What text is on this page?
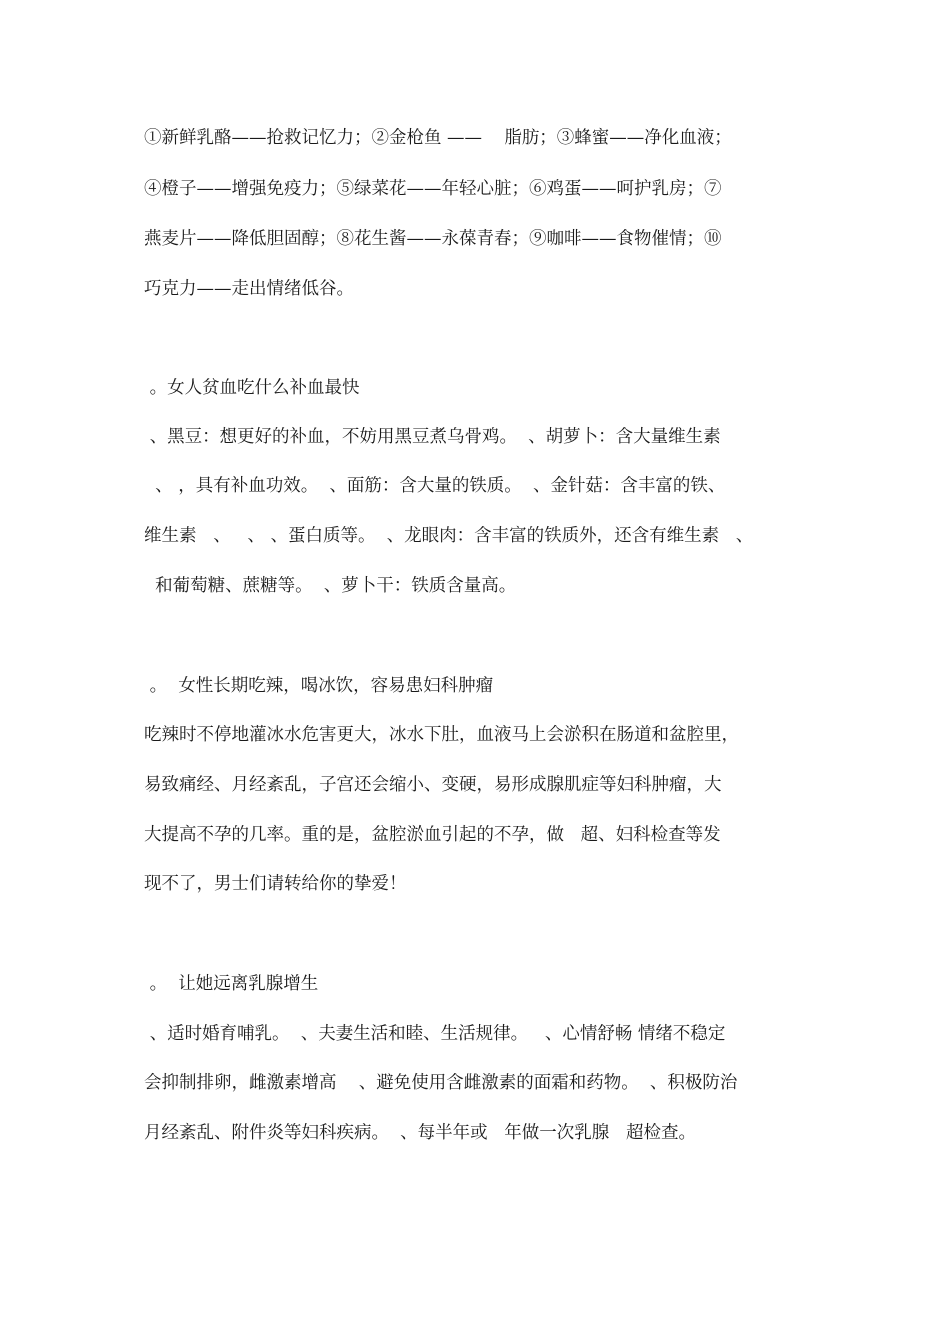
①新鲜乳酪——抢救记忆力；②金枪鱼 ——    脂肪；③蜂蜜——净化血液；
④橙子——增强免疫力；⑤绿菜花——年轻心脏；⑥鸡蛋——呵护乳房；⑦
燕麦片——降低胆固醇；⑧花生酱——永葆青春；⑨咖啡——食物催情；⑩
巧克力——走出情绪低谷。
。女人贫血吃什么补血最快
、黑豆：想更好的补血，不妨用黑豆煮乌骨鸡。  、胡萝卜：含大量维生素
、 ，具有补血功效。  、面筋：含大量的铁质。  、金针菇：含丰富的铁、
维生素   、   、 、蛋白质等。  、龙眼肉：含丰富的铁质外，还含有维生素   、
和葡萄糖、蔗糖等。  、萝卜干：铁质含量高。
。  女性长期吃辣，喝冰饮，容易患妇科肿瘤
吃辣时不停地灌冰水危害更大，冰水下肚，血液马上会淤积在肠道和盆腔里，
易致痛经、月经紊乱，子宫还会缩小、变硬，易形成腺肌症等妇科肿瘤，大
大提高不孕的几率。重的是，盆腔淤血引起的不孕，做   超、妇科检查等发
现不了，男士们请转给你的挚爱！
。  让她远离乳腺增生
、适时婚育哺乳。  、夫妻生活和睦、生活规律。   、心情舒畅 情绪不稳定
会抑制排卵，雌激素增高    、避免使用含雌激素的面霜和药物。  、积极防治
月经紊乱、附件炎等妇科疾病。  、每半年或   年做一次乳腺   超检查。
